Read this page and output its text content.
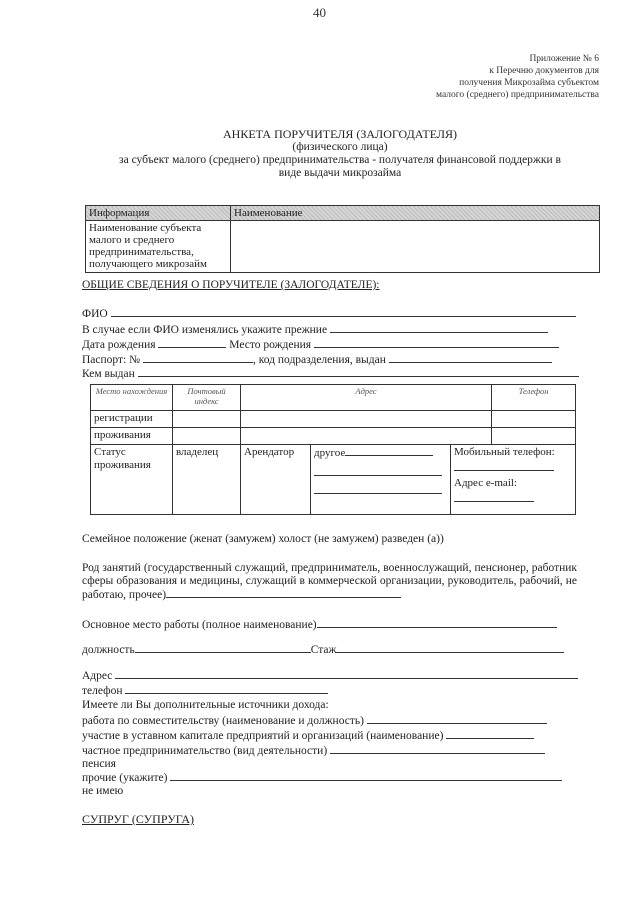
40
Приложение № 6
к Перечню документов для
получения Микрозайма субъектом
малого (среднего) предпринимательства
АНКЕТА ПОРУЧИТЕЛЯ (ЗАЛОГОДАТЕЛЯ)
(физического лица)
за субъект малого (среднего) предпринимательства - получателя финансовой поддержки в
виде выдачи микрозайма
Информация	Наименование
Наименование субъекта малого и среднего предпринимательства, получающего микрозайм	
ОБЩИЕ СВЕДЕНИЯ О ПОРУЧИТЕЛЕ (ЗАЛОГОДАТЕЛЕ):
ФИО
В случае если ФИО изменялись укажите прежние
Дата рождения	Место рождения
Паспорт: №	, код подразделения, выдан
Кем выдан
Место нахождения	Почтовый индекс	Адрес			Телефон
регистрации					
проживания					
Статус проживания	владелец	Арендатор	другое	Мобильный телефон:
Адрес e-mail:	
Семейное положение (женат (замужем) холост (не замужем) разведен (а))
Род занятий (государственный служащий, предприниматель, военнослужащий, пенсионер, работник сферы образования и медицины, служащий в коммерческой организации, руководитель, рабочий, не работаю, прочее)
Основное место работы (полное наименование)
должность	Стаж
Адрес
телефон
Имеете ли Вы дополнительные источники дохода:
работа по совместительству (наименование и должность)
участие в уставном капитале предприятий и организаций (наименование)
частное предпринимательство (вид деятельности)
пенсия
прочие (укажите)
не имею
СУПРУГ (СУПРУГА)
